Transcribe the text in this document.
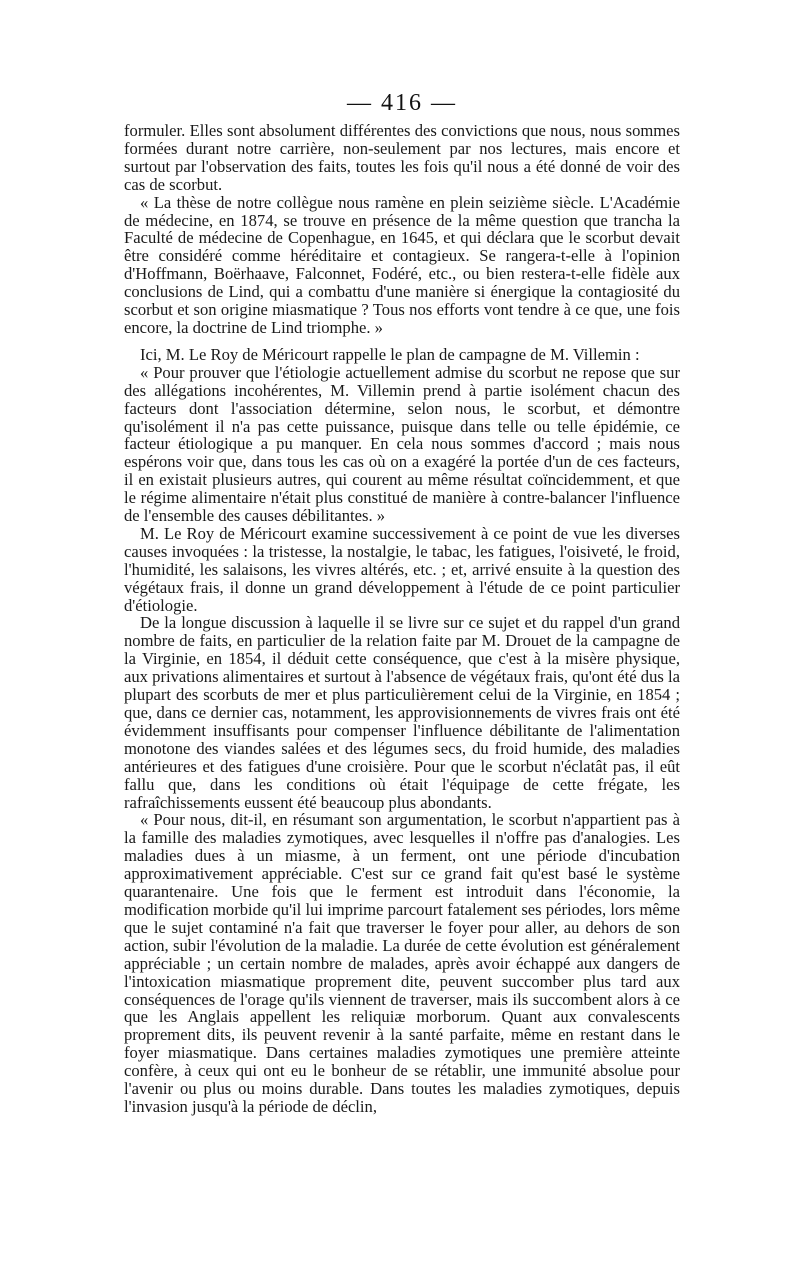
— 416 —

formuler. Elles sont absolument différentes des convictions que nous, nous sommes formées durant notre carrière, non-seulement par nos lectures, mais encore et surtout par l'observation des faits, toutes les fois qu'il nous a été donné de voir des cas de scorbut.

« La thèse de notre collègue nous ramène en plein seizième siècle. L'Académie de médecine, en 1874, se trouve en présence de la même question que trancha la Faculté de médecine de Copenhague, en 1645, et qui déclara que le scorbut devait être considéré comme héréditaire et contagieux. Se rangera-t-elle à l'opinion d'Hoffmann, Boërhaave, Falconnet, Fodéré, etc., ou bien restera-t-elle fidèle aux conclusions de Lind, qui a combattu d'une manière si énergique la contagiosité du scorbut et son origine miasmatique ? Tous nos efforts vont tendre à ce que, une fois encore, la doctrine de Lind triomphe. »

Ici, M. Le Roy de Méricourt rappelle le plan de campagne de M. Villemin :

« Pour prouver que l'étiologie actuellement admise du scorbut ne repose que sur des allégations incohérentes, M. Villemin prend à partie isolément chacun des facteurs dont l'association détermine, selon nous, le scorbut, et démontre qu'isolément il n'a pas cette puissance, puisque dans telle ou telle épidémie, ce facteur étiologique a pu manquer. En cela nous sommes d'accord ; mais nous espérons voir que, dans tous les cas où on a exagéré la portée d'un de ces facteurs, il en existait plusieurs autres, qui courent au même résultat coïncidemment, et que le régime alimentaire n'était plus constitué de manière à contre-balancer l'influence de l'ensemble des causes débilitantes. »

M. Le Roy de Méricourt examine successivement à ce point de vue les diverses causes invoquées : la tristesse, la nostalgie, le tabac, les fatigues, l'oisiveté, le froid, l'humidité, les salaisons, les vivres altérés, etc. ; et, arrivé ensuite à la question des végétaux frais, il donne un grand développement à l'étude de ce point particulier d'étiologie.

De la longue discussion à laquelle il se livre sur ce sujet et du rappel d'un grand nombre de faits, en particulier de la relation faite par M. Drouet de la campagne de la Virginie, en 1854, il déduit cette conséquence, que c'est à la misère physique, aux privations alimentaires et surtout à l'absence de végétaux frais, qu'ont été dus la plupart des scorbuts de mer et plus particulièrement celui de la Virginie, en 1854 ; que, dans ce dernier cas, notamment, les approvisionnements de vivres frais ont été évidemment insuffisants pour compenser l'influence débilitante de l'alimentation monotone des viandes salées et des légumes secs, du froid humide, des maladies antérieures et des fatigues d'une croisière. Pour que le scorbut n'éclatât pas, il eût fallu que, dans les conditions où était l'équipage de cette frégate, les rafraîchissements eussent été beaucoup plus abondants.

« Pour nous, dit-il, en résumant son argumentation, le scorbut n'appartient pas à la famille des maladies zymotiques, avec lesquelles il n'offre pas d'analogies. Les maladies dues à un miasme, à un ferment, ont une période d'incubation approximativement appréciable. C'est sur ce grand fait qu'est basé le système quarantenaire. Une fois que le ferment est introduit dans l'économie, la modification morbide qu'il lui imprime parcourt fatalement ses périodes, lors même que le sujet contaminé n'a fait que traverser le foyer pour aller, au dehors de son action, subir l'évolution de la maladie. La durée de cette évolution est généralement appréciable ; un certain nombre de malades, après avoir échappé aux dangers de l'intoxication miasmatique proprement dite, peuvent succomber plus tard aux conséquences de l'orage qu'ils viennent de traverser, mais ils succombent alors à ce que les Anglais appellent les reliquiæ morborum. Quant aux convalescents proprement dits, ils peuvent revenir à la santé parfaite, même en restant dans le foyer miasmatique. Dans certaines maladies zymotiques une première atteinte confère, à ceux qui ont eu le bonheur de se rétablir, une immunité absolue pour l'avenir ou plus ou moins durable. Dans toutes les maladies zymotiques, depuis l'invasion jusqu'à la période de déclin,
